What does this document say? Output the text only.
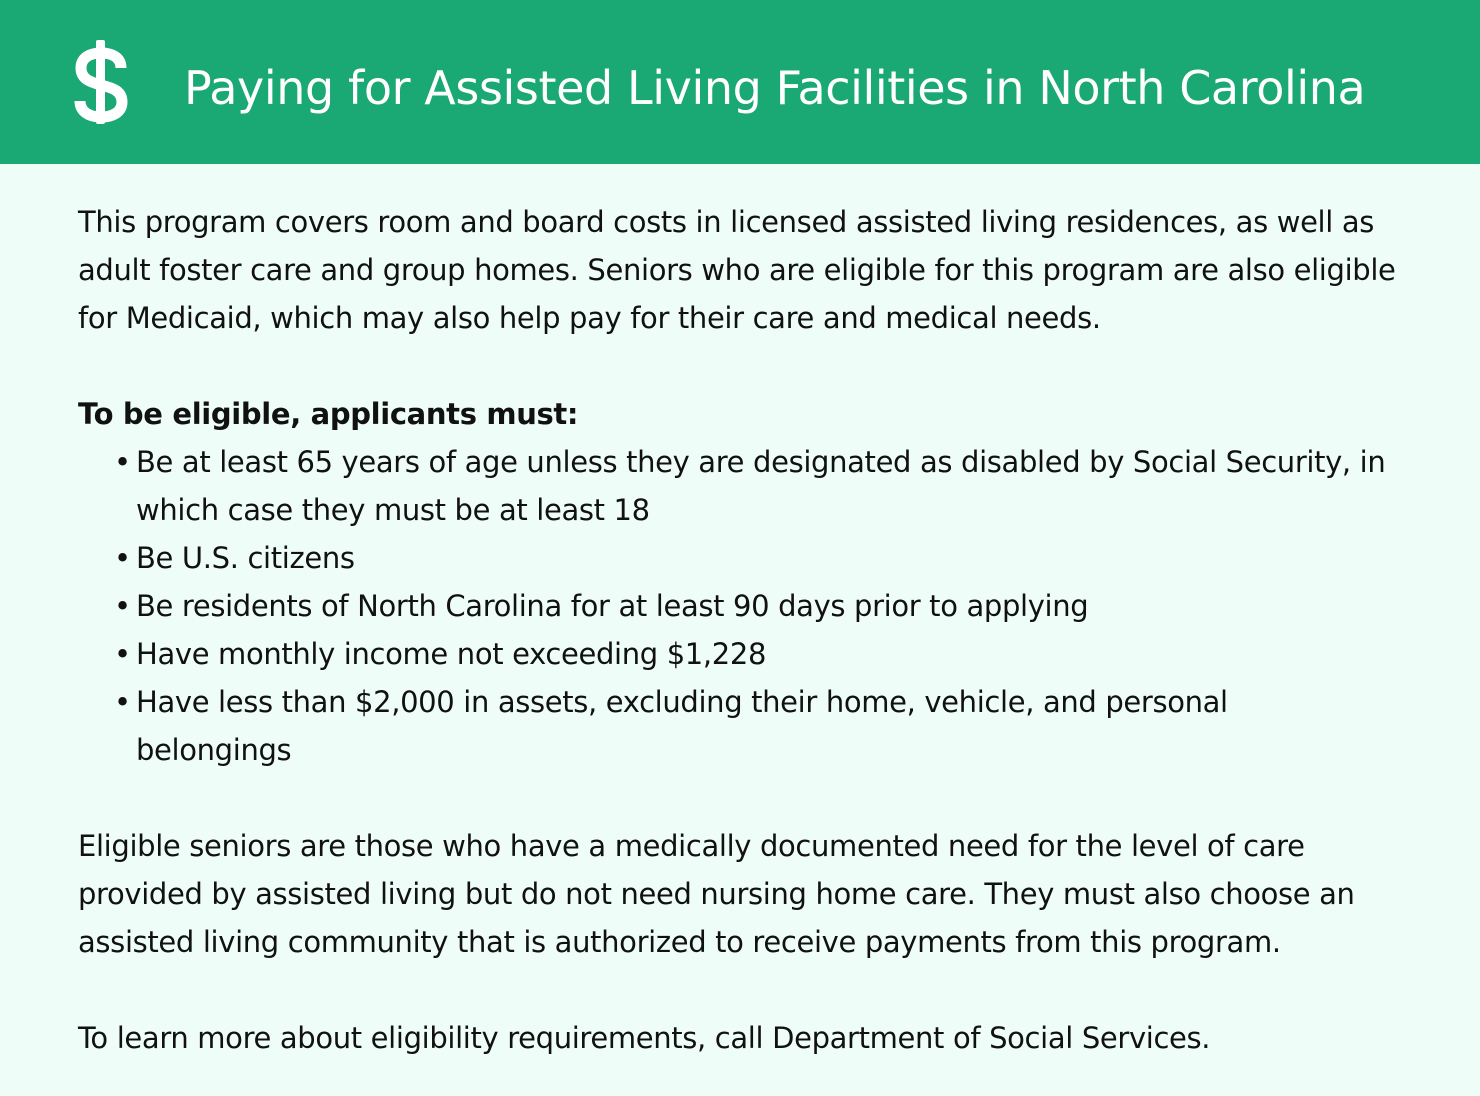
Paying for Assisted Living Facilities in North Carolina

This program covers room and board costs in licensed assisted living residences, as well as adult foster care and group homes. Seniors who are eligible for this program are also eligible for Medicaid, which may also help pay for their care and medical needs.

To be eligible, applicants must:

• Be at least 65 years of age unless they are designated as disabled by Social Security, in which case they must be at least 18
• Be U.S. citizens
• Be residents of North Carolina for at least 90 days prior to applying
• Have monthly income not exceeding $1,228
• Have less than $2,000 in assets, excluding their home, vehicle, and personal belongings

Eligible seniors are those who have a medically documented need for the level of care provided by assisted living but do not need nursing home care. They must also choose an assisted living community that is authorized to receive payments from this program.

To learn more about eligibility requirements, call Department of Social Services.
